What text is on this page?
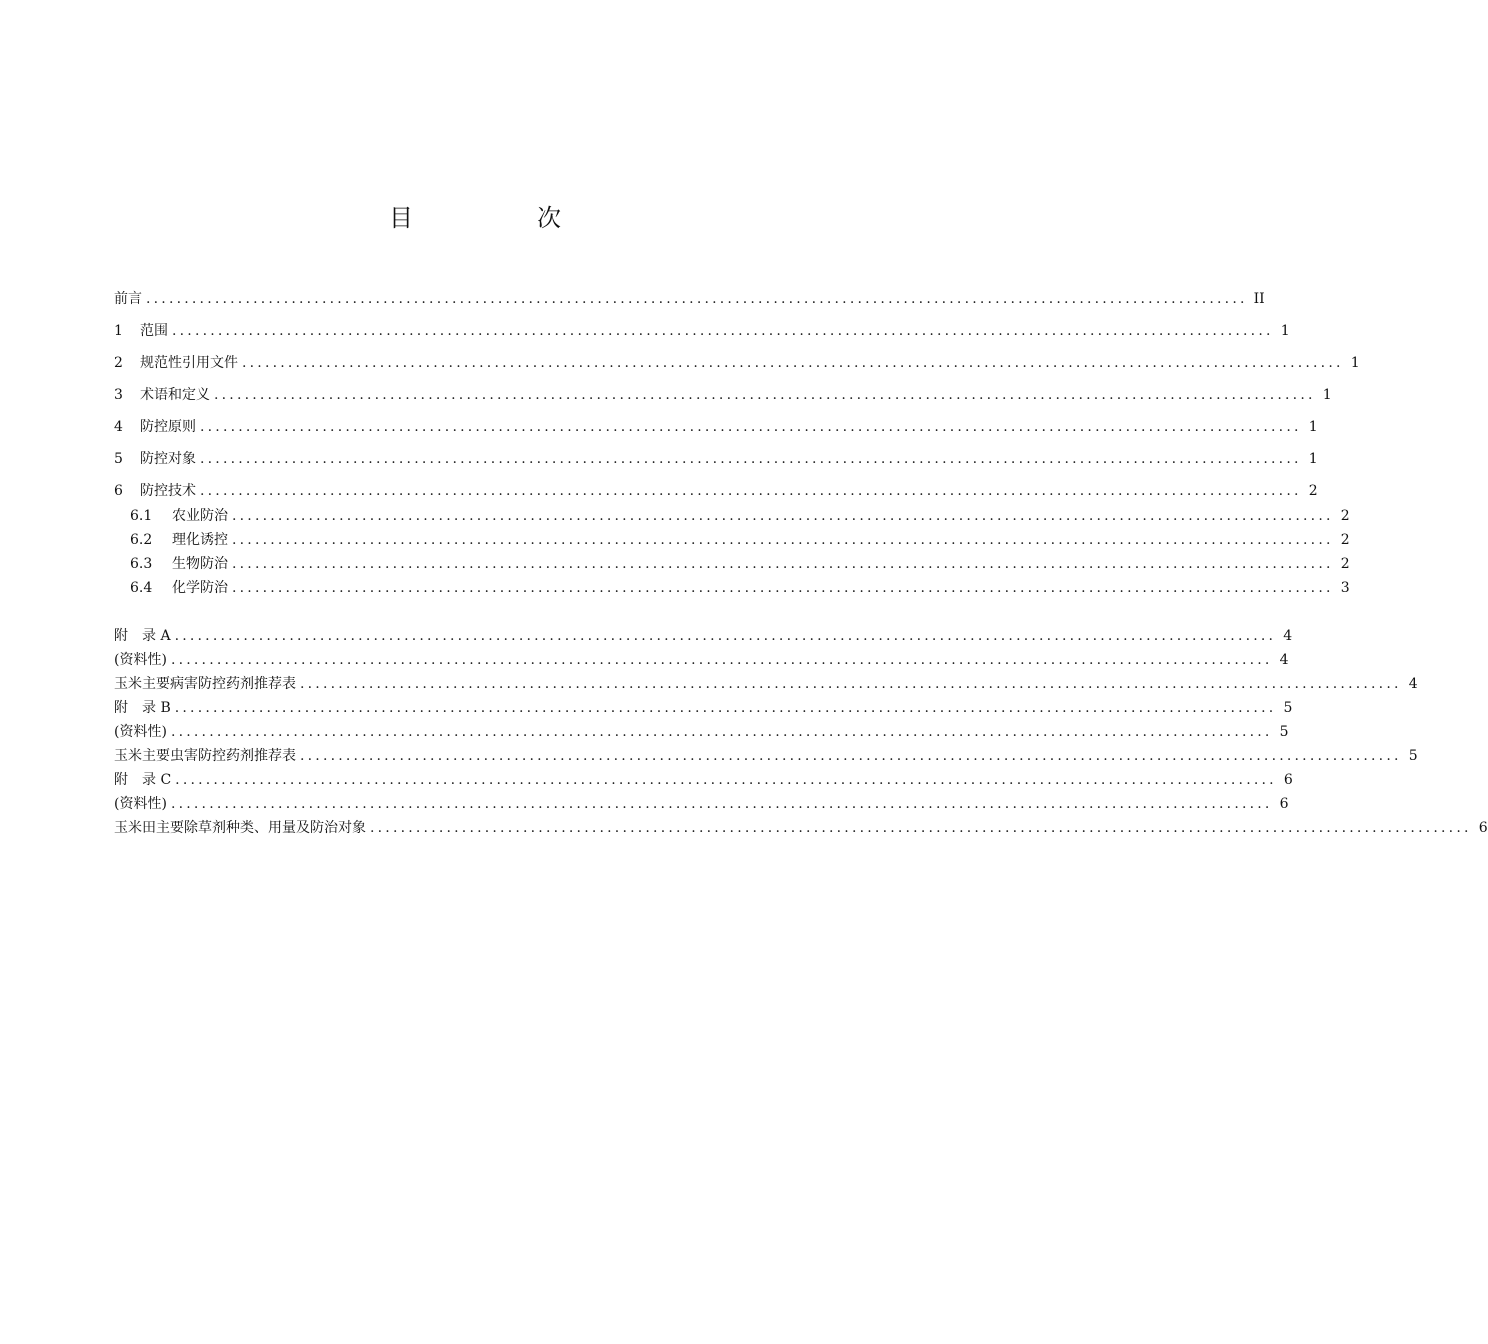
目　次
前言 ................................................................................................................................................ II
1	范围 ................................................................................................................................................ 1
2	规范性引用文件 ................................................................................................................................................ 1
3	术语和定义 ................................................................................................................................................ 1
4	防控原则 ................................................................................................................................................ 1
5	防控对象 ................................................................................................................................................ 1
6	防控技术 ................................................................................................................................................ 2
6.1	农业防治 ................................................................................................................................................ 2
6.2	理化诱控 ................................................................................................................................................ 2
6.3	生物防治 ................................................................................................................................................ 2
6.4	化学防治 ................................................................................................................................................ 3
附　录 A ................................................................................................................................................ 4
(资料性) ................................................................................................................................................ 4
玉米主要病害防控药剂推荐表 ................................................................................................................................................ 4
附　录 B ................................................................................................................................................ 5
(资料性) ................................................................................................................................................ 5
玉米主要虫害防控药剂推荐表 ................................................................................................................................................ 5
附　录 C ................................................................................................................................................ 6
(资料性) ................................................................................................................................................ 6
玉米田主要除草剂种类、用量及防治对象 ................................................................................................................................................ 6
